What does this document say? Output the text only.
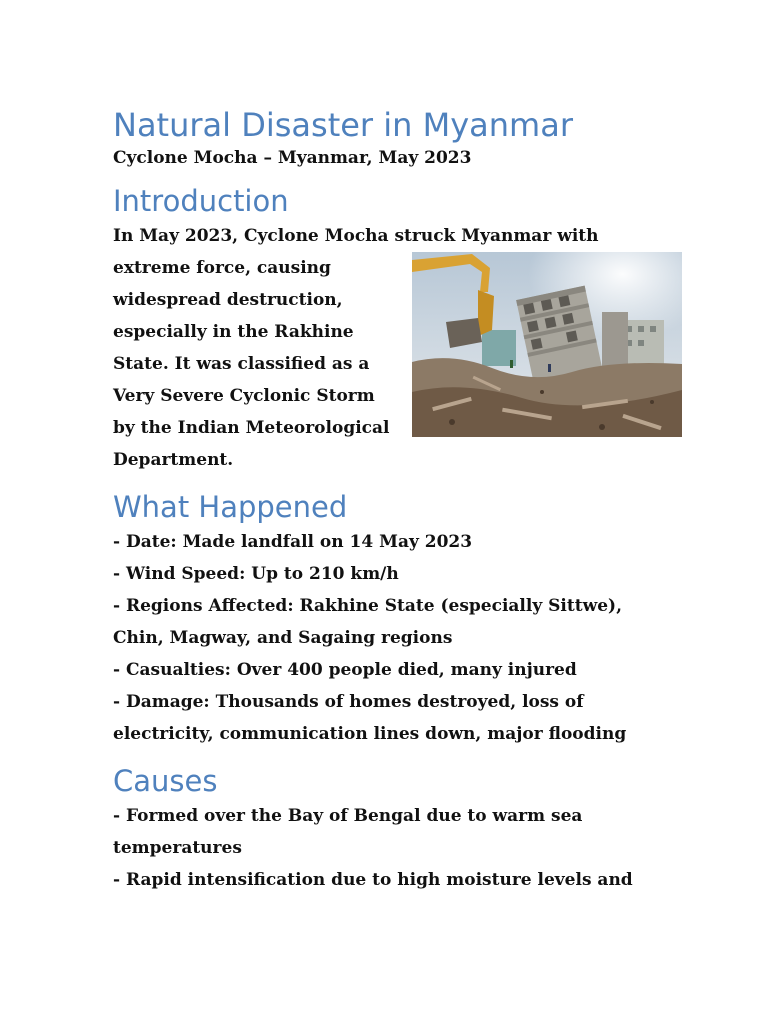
Natural Disaster in Myanmar
Cyclone Mocha – Myanmar, May 2023
Introduction

In May 2023, Cyclone Mocha struck Myanmar with
extreme force, causing
widespread destruction,
especially in the Rakhine
State. It was classified as a
Very Severe Cyclonic Storm
by the Indian Meteorological
Department.

What Happened
- Date: Made landfall on 14 May 2023
- Wind Speed: Up to 210 km/h
- Regions Affected: Rakhine State (especially Sittwe),
Chin, Magway, and Sagaing regions
- Casualties: Over 400 people died, many injured
- Damage: Thousands of homes destroyed, loss of
electricity, communication lines down, major flooding
Causes
- Formed over the Bay of Bengal due to warm sea
temperatures
- Rapid intensification due to high moisture levels and
